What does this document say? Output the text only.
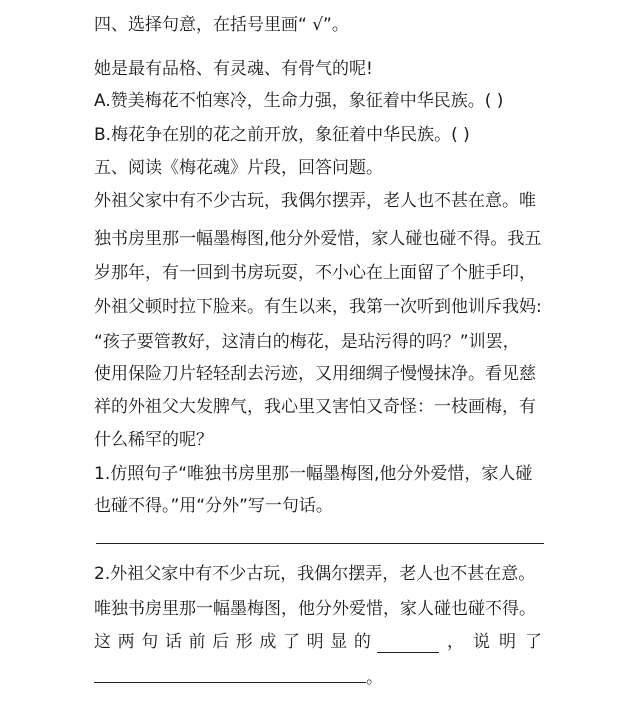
四、选择句意，在括号里画“ √”。
她是最有品格、有灵魂、有骨气的呢!
A.赞美梅花不怕寒冷，生命力强，象征着中华民族。( )
B.梅花争在别的花之前开放，象征着中华民族。( )
五、阅读《梅花魂》片段，回答问题。
外祖父家中有不少古玩，我偶尔摆弄，老人也不甚在意。唯
独书房里那一幅墨梅图,他分外爱惜，家人碰也碰不得。我五
岁那年，有一回到书房玩耍，不小心在上面留了个脏手印，
外祖父顿时拉下脸来。有生以来，我第一次听到他训斥我妈:
“孩子要管教好，这清白的梅花，是玷污得的吗？”训罢，
使用保险刀片轻轻刮去污迹，又用细绸子慢慢抹净。看见慈
祥的外祖父大发脾气，我心里又害怕又奇怪：一枝画梅，有
什么稀罕的呢？
1.仿照句子“唯独书房里那一幅墨梅图,他分外爱惜，家人碰
也碰不得。”用“分外”写一句话。
2.外祖父家中有不少古玩，我偶尔摆弄，老人也不甚在意。
唯独书房里那一幅墨梅图，他分外爱惜，家人碰也碰不得。
这 两 句 话 前 后 形 成 了 明 显 的	， 说 明 了
。
